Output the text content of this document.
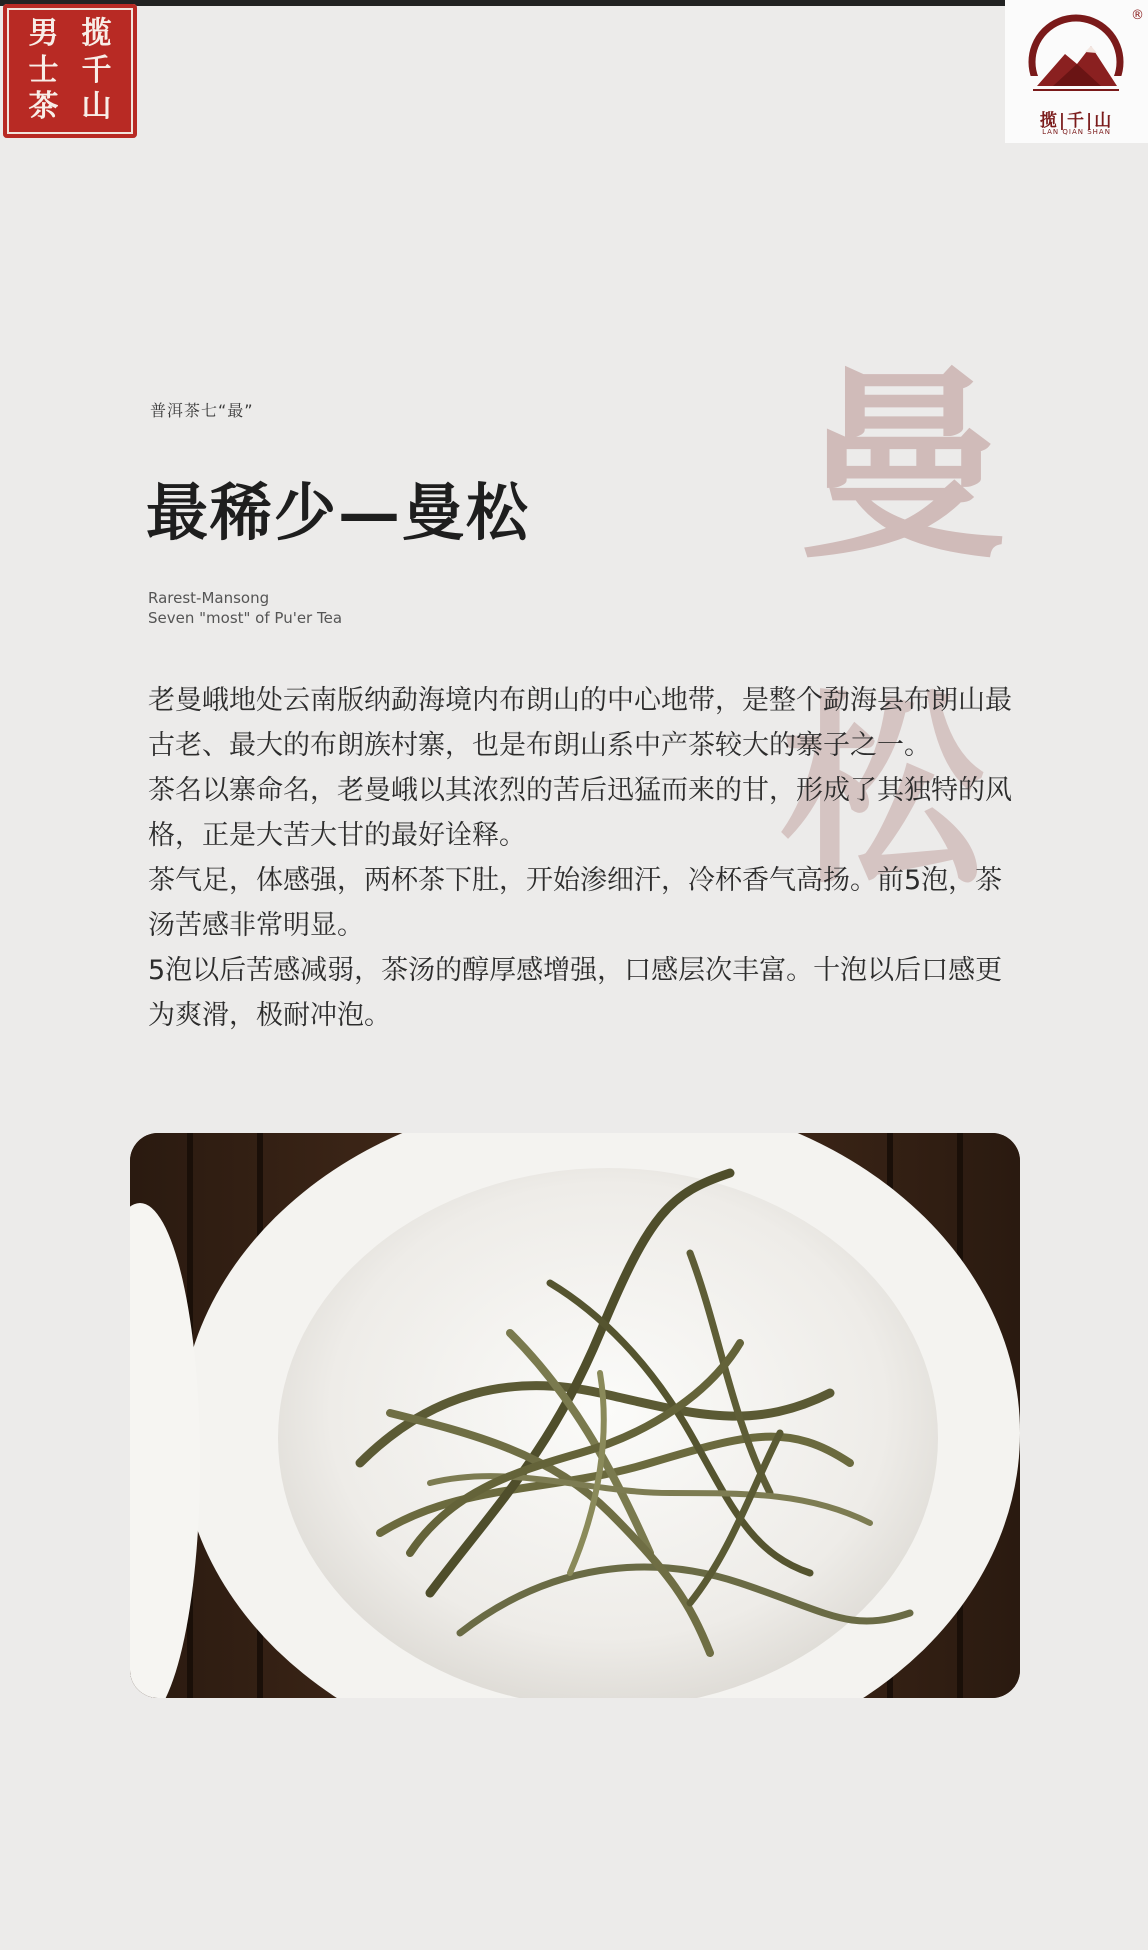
男 揽
士 千
茶 山
®
揽|千|山
LAN QIAN SHAN
曼
松
普洱茶七“最”
最稀少—曼松
Rarest-Mansong
Seven "most" of Pu'er Tea

老曼峨地处云南版纳勐海境内布朗山的中心地带，是整个勐海县布朗山最古老、最大的布朗族村寨，也是布朗山系中产茶较大的寨子之一。

茶名以寨命名，老曼峨以其浓烈的苦后迅猛而来的甘，形成了其独特的风格，正是大苦大甘的最好诠释。

茶气足，体感强，两杯茶下肚，开始渗细汗，冷杯香气高扬。前5泡，茶汤苦感非常明显。

5泡以后苦感减弱，茶汤的醇厚感增强，口感层次丰富。十泡以后口感更为爽滑，极耐冲泡。
